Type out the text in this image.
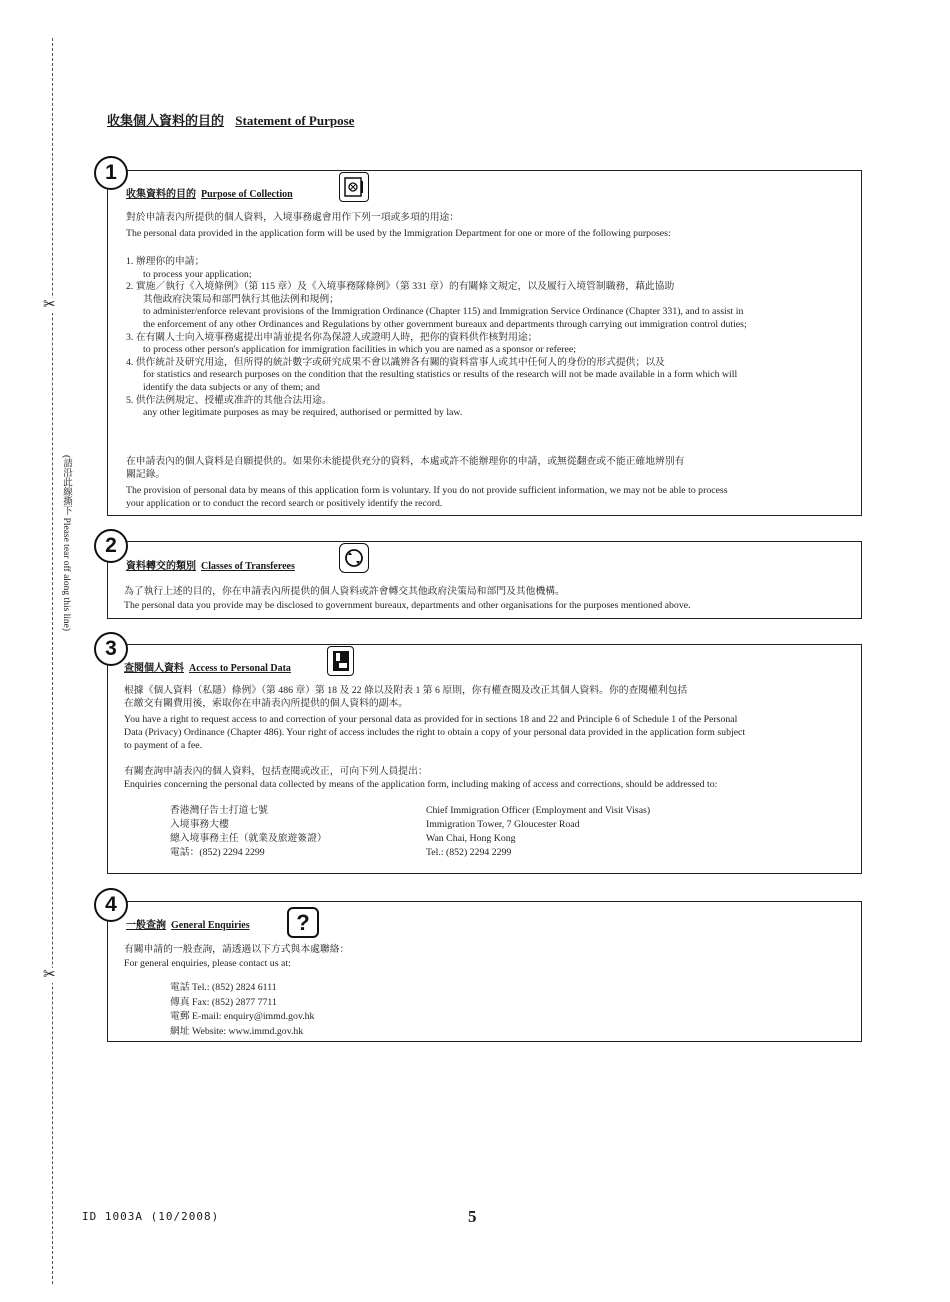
✂
✂
(請沿此線撕下 Please tear off along this line)
收集個人資料的目的 Statement of Purpose
1
收集資料的目的 Purpose of Collection
對於申請表內所提供的個人資料，入境事務處會用作下列一項或多項的用途：
The personal data provided in the application form will be used by the Immigration Department for one or more of the following purposes:
1. 辦理你的申請；
to process your application;
2. 實施／執行《入境條例》（第 115 章）及《入境事務隊條例》（第 331 章）的有關條文規定，以及履行入境管制職務，藉此協助
其他政府決策局和部門執行其他法例和規例；
to administer/enforce relevant provisions of the Immigration Ordinance (Chapter 115) and Immigration Service Ordinance (Chapter 331), and to assist in
the enforcement of any other Ordinances and Regulations by other government bureaux and departments through carrying out immigration control duties;
3. 在有關人士向入境事務處提出申請並提名你為保證人或證明人時，把你的資料供作核對用途；
to process other person's application for immigration facilities in which you are named as a sponsor or referee;
4. 供作統計及研究用途，但所得的統計數字或研究成果不會以識辨各有關的資料當事人或其中任何人的身份的形式提供；以及
for statistics and research purposes on the condition that the resulting statistics or results of the research will not be made available in a form which will
identify the data subjects or any of them; and
5. 供作法例規定、授權或准許的其他合法用途。
any other legitimate purposes as may be required, authorised or permitted by law.
在申請表內的個人資料是自願提供的。如果你未能提供充分的資料，本處或許不能辦理你的申請，或無從翻查或不能正確地辨別有
關記錄。
The provision of personal data by means of this application form is voluntary. If you do not provide sufficient information, we may not be able to process
your application or to conduct the record search or positively identify the record.
2
資料轉交的類別 Classes of Transferees
為了執行上述的目的，你在申請表內所提供的個人資料或許會轉交其他政府決策局和部門及其他機構。
The personal data you provide may be disclosed to government bureaux, departments and other organisations for the purposes mentioned above.
3
查閱個人資料 Access to Personal Data
根據《個人資料（私隱）條例》（第 486 章）第 18 及 22 條以及附表 1 第 6 原則，你有權查閱及改正其個人資料。你的查閱權利包括
在繳交有關費用後，索取你在申請表內所提供的個人資料的副本。
You have a right to request access to and correction of your personal data as provided for in sections 18 and 22 and Principle 6 of Schedule 1 of the Personal
Data (Privacy) Ordinance (Chapter 486). Your right of access includes the right to obtain a copy of your personal data provided in the application form subject
to payment of a fee.
有關查詢申請表內的個人資料，包括查閱或改正，可向下列人員提出：
Enquiries concerning the personal data collected by means of the application form, including making of access and corrections, should be addressed to:
香港灣仔告士打道七號
入境事務大樓
總入境事務主任（就業及旅遊簽證）
電話：(852) 2294 2299
Chief Immigration Officer (Employment and Visit Visas)
Immigration Tower, 7 Gloucester Road
Wan Chai, Hong Kong
Tel.: (852) 2294 2299
4
一般查詢 General Enquiries ?
有關申請的一般查詢，請透過以下方式與本處聯絡：
For general enquiries, please contact us at:
電話 Tel.: (852) 2824 6111
傳真 Fax: (852) 2877 7711
電郵 E-mail: enquiry@immd.gov.hk
網址 Website: www.immd.gov.hk
ID 1003A (10/2008)	5
